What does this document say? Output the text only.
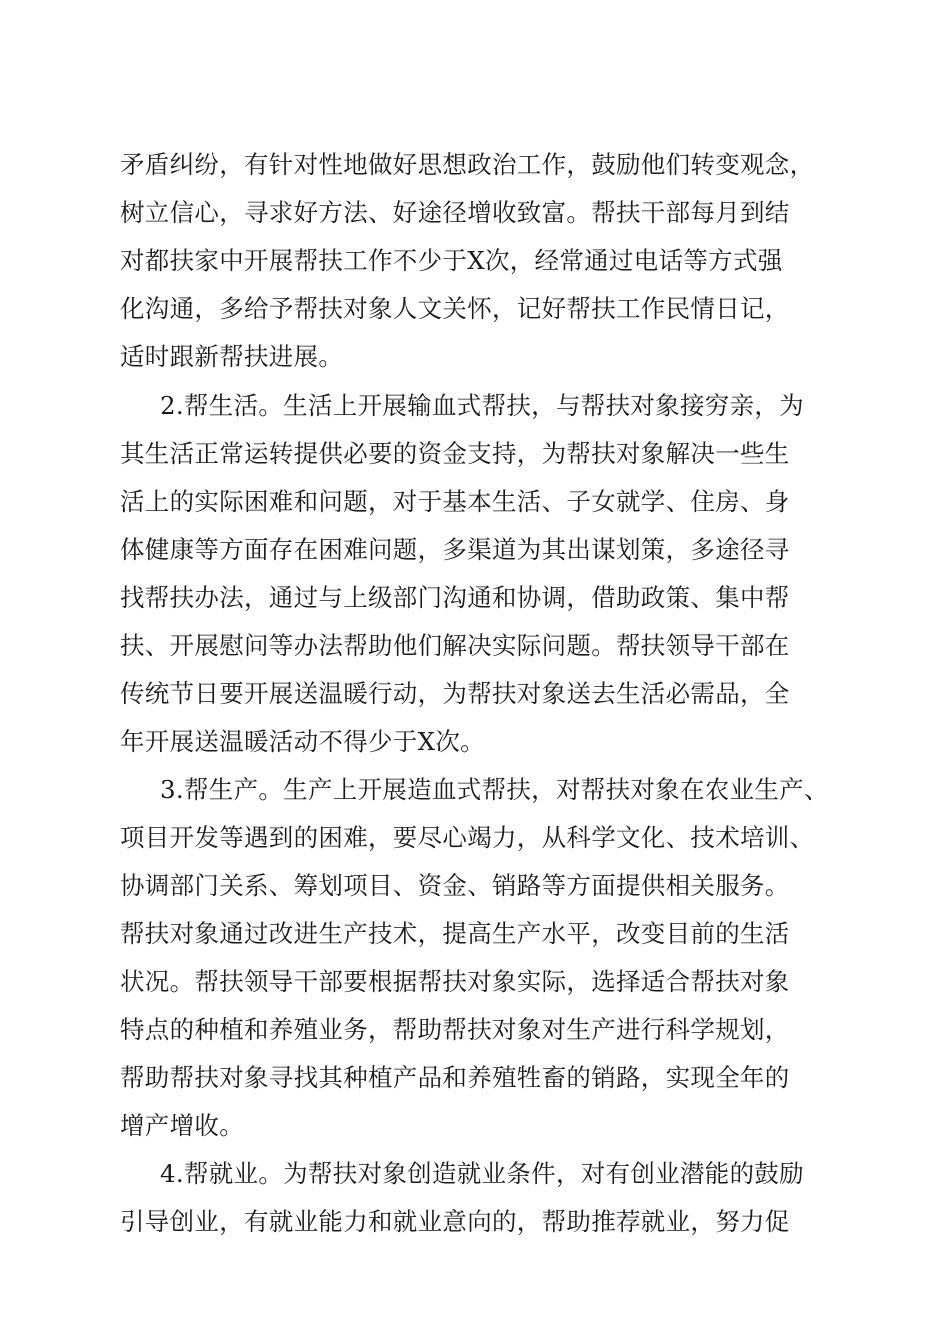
矛盾纠纷，有针对性地做好思想政治工作，鼓励他们转变观念，
树立信心，寻求好方法、好途径增收致富。帮扶干部每月到结
对都扶家中开展帮扶工作不少于X次，经常通过电话等方式强
化沟通，多给予帮扶对象人文关怀，记好帮扶工作民情日记，
适时跟新帮扶进展。
2.帮生活。生活上开展输血式帮扶，与帮扶对象接穷亲，为
其生活正常运转提供必要的资金支持，为帮扶对象解决一些生
活上的实际困难和问题，对于基本生活、子女就学、住房、身
体健康等方面存在困难问题，多渠道为其出谋划策，多途径寻
找帮扶办法，通过与上级部门沟通和协调，借助政策、集中帮
扶、开展慰问等办法帮助他们解决实际问题。帮扶领导干部在
传统节日要开展送温暖行动，为帮扶对象送去生活必需品，全
年开展送温暖活动不得少于X次。
3.帮生产。生产上开展造血式帮扶，对帮扶对象在农业生产、
项目开发等遇到的困难，要尽心竭力，从科学文化、技术培训、
协调部门关系、筹划项目、资金、销路等方面提供相关服务。
帮扶对象通过改进生产技术，提高生产水平，改变目前的生活
状况。帮扶领导干部要根据帮扶对象实际，选择适合帮扶对象
特点的种植和养殖业务，帮助帮扶对象对生产进行科学规划，
帮助帮扶对象寻找其种植产品和养殖牲畜的销路，实现全年的
增产增收。
4.帮就业。为帮扶对象创造就业条件，对有创业潜能的鼓励
引导创业，有就业能力和就业意向的，帮助推荐就业，努力促
